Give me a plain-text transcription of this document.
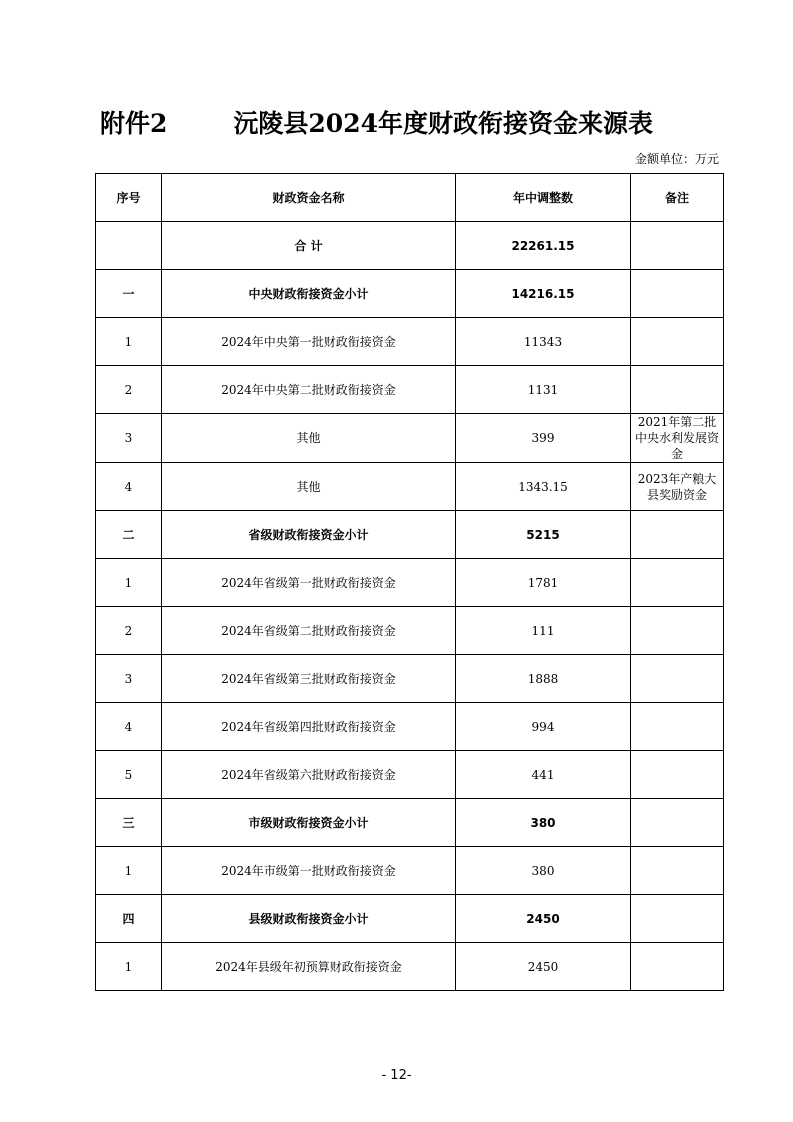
附件2	沅陵县2024年度财政衔接资金来源表
金额单位：万元
序号	财政资金名称	年中调整数	备注
	合 计	22261.15	
一	中央财政衔接资金小计	14216.15	
1	2024年中央第一批财政衔接资金	11343	
2	2024年中央第二批财政衔接资金	1131	
3	其他	399	2021年第二批中央水利发展资金
4	其他	1343.15	2023年产粮大县奖励资金
二	省级财政衔接资金小计	5215	
1	2024年省级第一批财政衔接资金	1781	
2	2024年省级第二批财政衔接资金	111	
3	2024年省级第三批财政衔接资金	1888	
4	2024年省级第四批财政衔接资金	994	
5	2024年省级第六批财政衔接资金	441	
三	市级财政衔接资金小计	380	
1	2024年市级第一批财政衔接资金	380	
四	县级财政衔接资金小计	2450	
1	2024年县级年初预算财政衔接资金	2450	
- 12-
